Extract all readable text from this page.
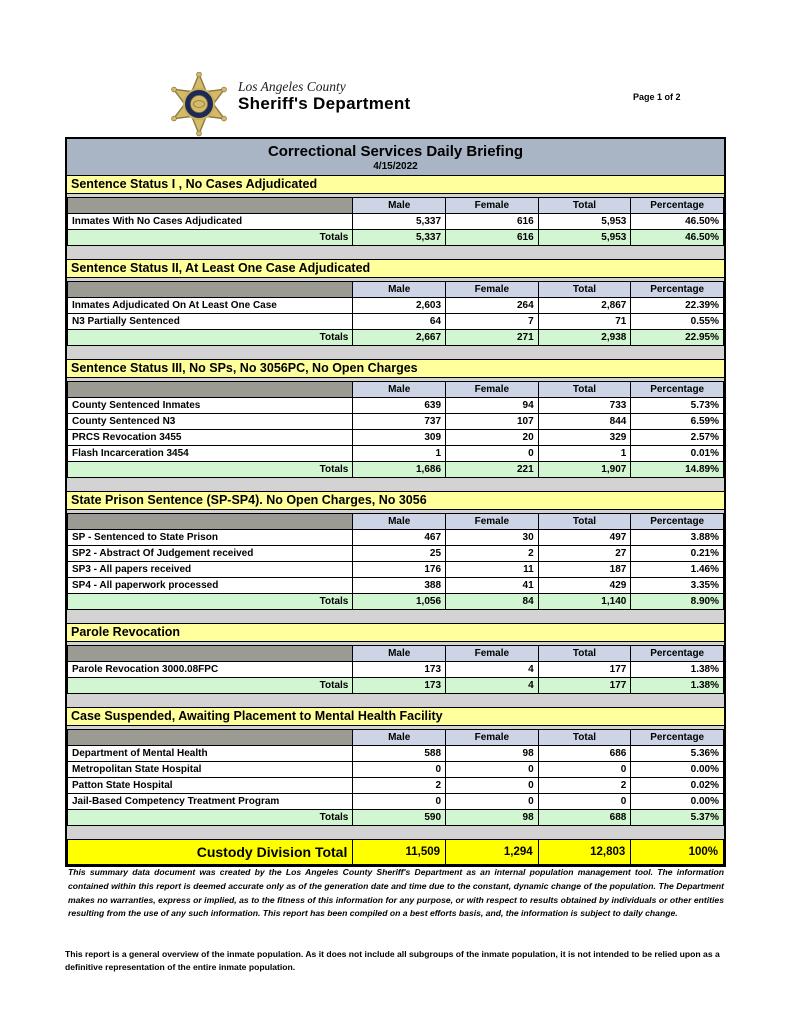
Los Angeles County
Sheriff's Department	Page 1 of 2
Correctional Services Daily Briefing
4/15/2022
Sentence Status I , No Cases Adjudicated
	Male	Female	Total	Percentage
Inmates With No Cases Adjudicated	5,337	616	5,953	46.50%
Totals	5,337	616	5,953	46.50%
Sentence Status II, At Least One Case Adjudicated
	Male	Female	Total	Percentage
Inmates Adjudicated On At Least One Case	2,603	264	2,867	22.39%
N3 Partially Sentenced	64	7	71	0.55%
Totals	2,667	271	2,938	22.95%
Sentence Status III, No SPs, No 3056PC, No Open Charges
	Male	Female	Total	Percentage
County Sentenced Inmates	639	94	733	5.73%
County Sentenced N3	737	107	844	6.59%
PRCS Revocation 3455	309	20	329	2.57%
Flash Incarceration 3454	1	0	1	0.01%
Totals	1,686	221	1,907	14.89%
State Prison Sentence (SP-SP4). No Open Charges, No 3056
	Male	Female	Total	Percentage
SP - Sentenced to State Prison	467	30	497	3.88%
SP2 - Abstract Of Judgement received	25	2	27	0.21%
SP3 - All papers received	176	11	187	1.46%
SP4 - All paperwork processed	388	41	429	3.35%
Totals	1,056	84	1,140	8.90%
Parole Revocation
	Male	Female	Total	Percentage
Parole Revocation 3000.08FPC	173	4	177	1.38%
Totals	173	4	177	1.38%
Case Suspended, Awaiting Placement to Mental Health Facility
	Male	Female	Total	Percentage
Department of Mental Health	588	98	686	5.36%
Metropolitan State Hospital	0	0	0	0.00%
Patton State Hospital	2	0	2	0.02%
Jail-Based Competency Treatment Program	0	0	0	0.00%
Totals	590	98	688	5.37%
Custody Division Total	11,509	1,294	12,803	100%
This summary data document was created by the Los Angeles County Sheriff's Department as an internal population management tool. The information contained within this report is deemed accurate only as of the generation date and time due to the constant, dynamic change of the population. The Department makes no warranties, express or implied, as to the fitness of this information for any purpose, or with respect to results obtained by individuals or other entities resulting from the use of any such information. This report has been compiled on a best efforts basis, and, the information is subject to daily change.
This report is a general overview of the inmate population. As it does not include all subgroups of the inmate population, it is not intended to be relied upon as a definitive representation of the entire inmate population.
